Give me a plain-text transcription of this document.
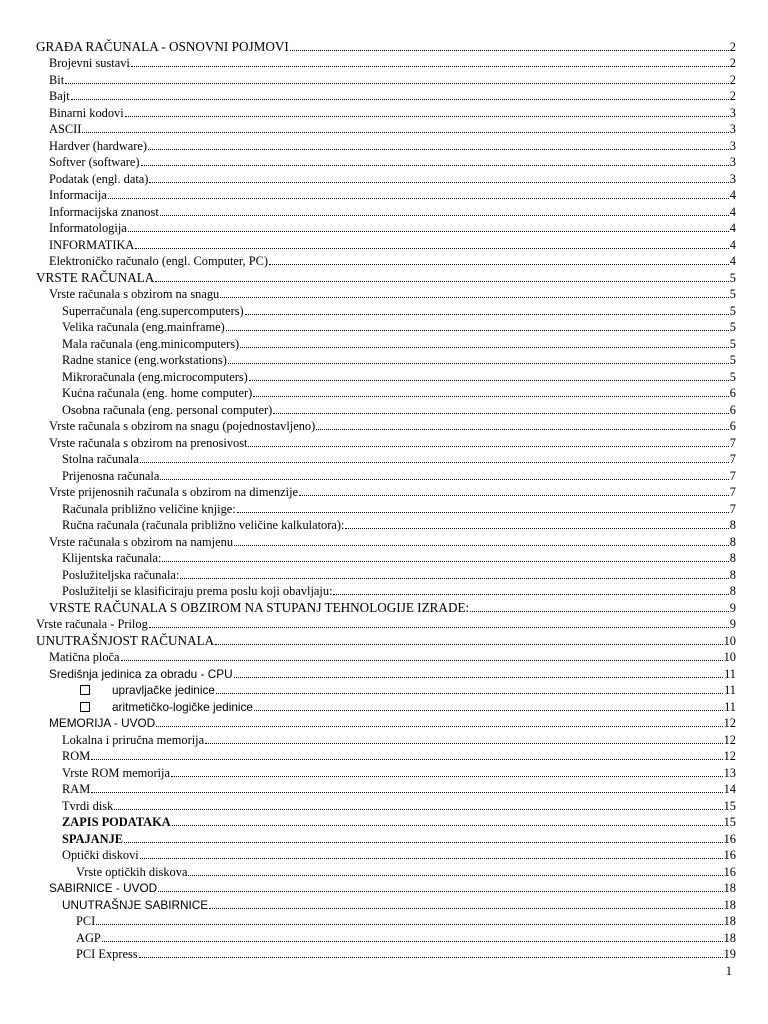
GRAĐA RAČUNALA - OSNOVNI POJMOVI	2
Brojevni sustavi	2
Bit	2
Bajt	2
Binarni kodovi	3
ASCII	3
Hardver (hardware)	3
Softver (software)	3
Podatak (engl. data)	3
Informacija	4
Informacijska znanost	4
Informatologija	4
INFORMATIKA	4
Elektroničko računalo (engl. Computer, PC)	4
VRSTE RAČUNALA	5
Vrste računala s obzirom na snagu	5
Superračunala (eng.supercomputers)	5
Velika računala (eng.mainframe)	5
Mala računala (eng.minicomputers)	5
Radne stanice (eng.workstations)	5
Mikroračunala (eng.microcomputers)	5
Kućna računala (eng. home computer)	6
Osobna računala (eng. personal computer)	6
Vrste računala s obzirom na snagu (pojednostavljeno)	6
Vrste računala s obzirom na prenosivost	7
Stolna računala	7
Prijenosna računala	7
Vrste prijenosnih računala s obzirom na dimenzije	7
Računala približno veličine knjige:	7
Ručna računala (računala približno veličine kalkulatora):	8
Vrste računala s obzirom na namjenu	8
Klijentska računala:	8
Poslužiteljska računala:	8
Poslužitelji se klasificiraju prema poslu koji obavljaju:	8
VRSTE RAČUNALA S OBZIROM NA STUPANJ TEHNOLOGIJE IZRADE:	9
Vrste računala - Prilog	9
UNUTRAŠNJOST RAČUNALA	10
Matična ploča	10
Središnja jedinica za obradu - CPU	11
upravljačke jedinice	11
aritmetičko-logičke jedinice	11
MEMORIJA - UVOD	12
Lokalna i priručna memorija	12
ROM	12
Vrste ROM memorija	13
RAM	14
Tvrdi disk	15
ZAPIS PODATAKA	15
SPAJANJE	16
Optički diskovi	16
Vrste optičkih diskova	16
SABIRNICE - UVOD	18
UNUTRAŠNJE SABIRNICE	18
PCI	18
AGP	18
PCI Express	19
1
